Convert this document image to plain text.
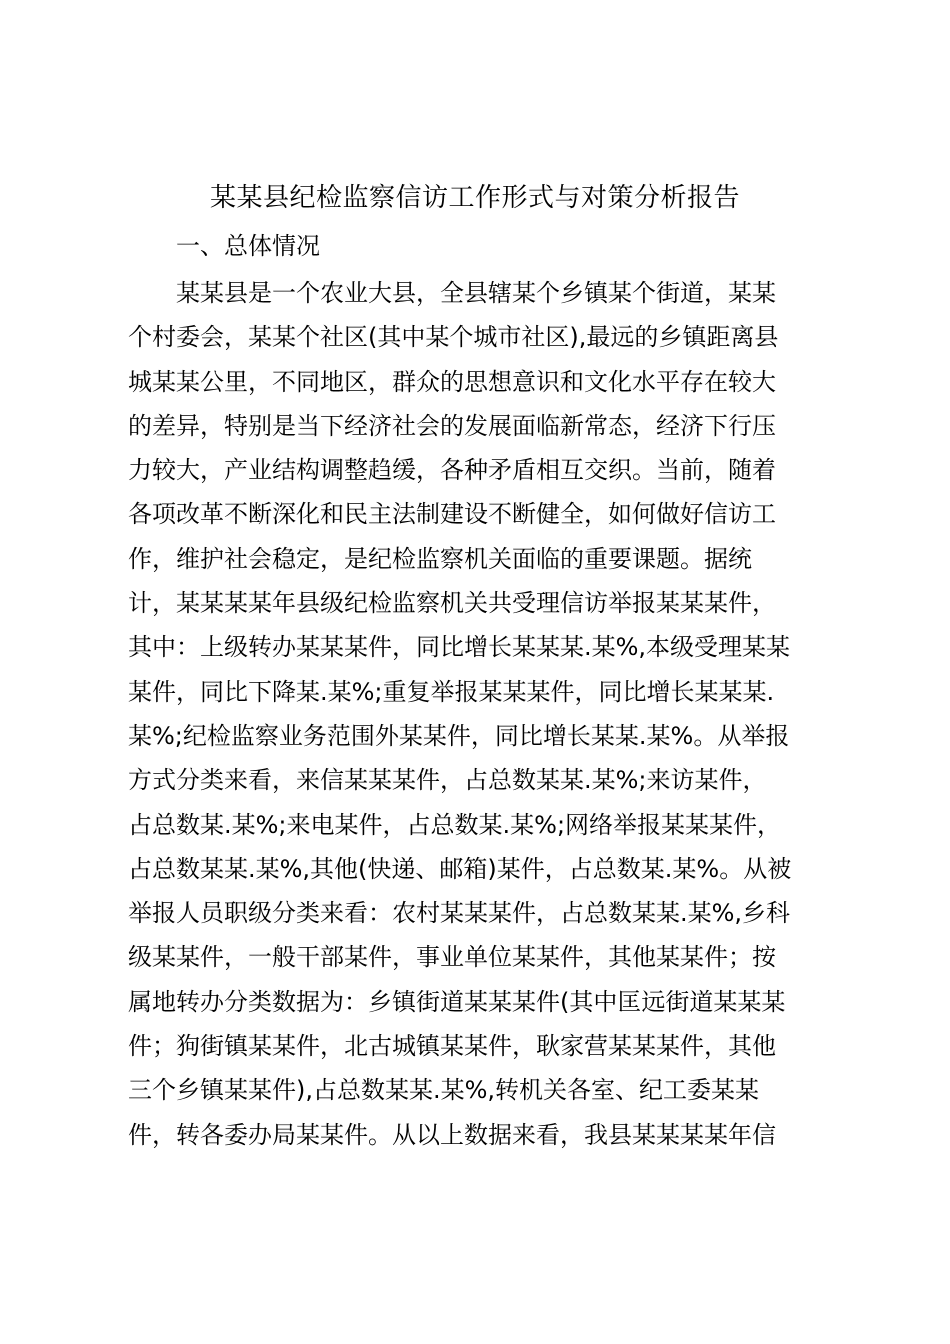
某某县纪检监察信访工作形式与对策分析报告
一、总体情况
某某县是一个农业大县，全县辖某个乡镇某个街道，某某
个村委会，某某个社区(其中某个城市社区),最远的乡镇距离县
城某某公里，不同地区，群众的思想意识和文化水平存在较大
的差异，特别是当下经济社会的发展面临新常态，经济下行压
力较大，产业结构调整趋缓，各种矛盾相互交织。当前，随着
各项改革不断深化和民主法制建设不断健全，如何做好信访工
作，维护社会稳定，是纪检监察机关面临的重要课题。据统
计，某某某某年县级纪检监察机关共受理信访举报某某某件，
其中：上级转办某某某件，同比增长某某某.某%,本级受理某某
某件，同比下降某.某%;重复举报某某某件，同比增长某某某.
某%;纪检监察业务范围外某某件，同比增长某某.某%。从举报
方式分类来看，来信某某某件，占总数某某.某%;来访某件，
占总数某.某%;来电某件，占总数某.某%;网络举报某某某件，
占总数某某.某%,其他(快递、邮箱)某件，占总数某.某%。从被
举报人员职级分类来看：农村某某某件，占总数某某.某%,乡科
级某某件，一般干部某件，事业单位某某件，其他某某件；按
属地转办分类数据为：乡镇街道某某某件(其中匡远街道某某某
件；狗街镇某某件，北古城镇某某件，耿家营某某某件，其他
三个乡镇某某件),占总数某某.某%,转机关各室、纪工委某某
件，转各委办局某某件。从以上数据来看，我县某某某某年信
